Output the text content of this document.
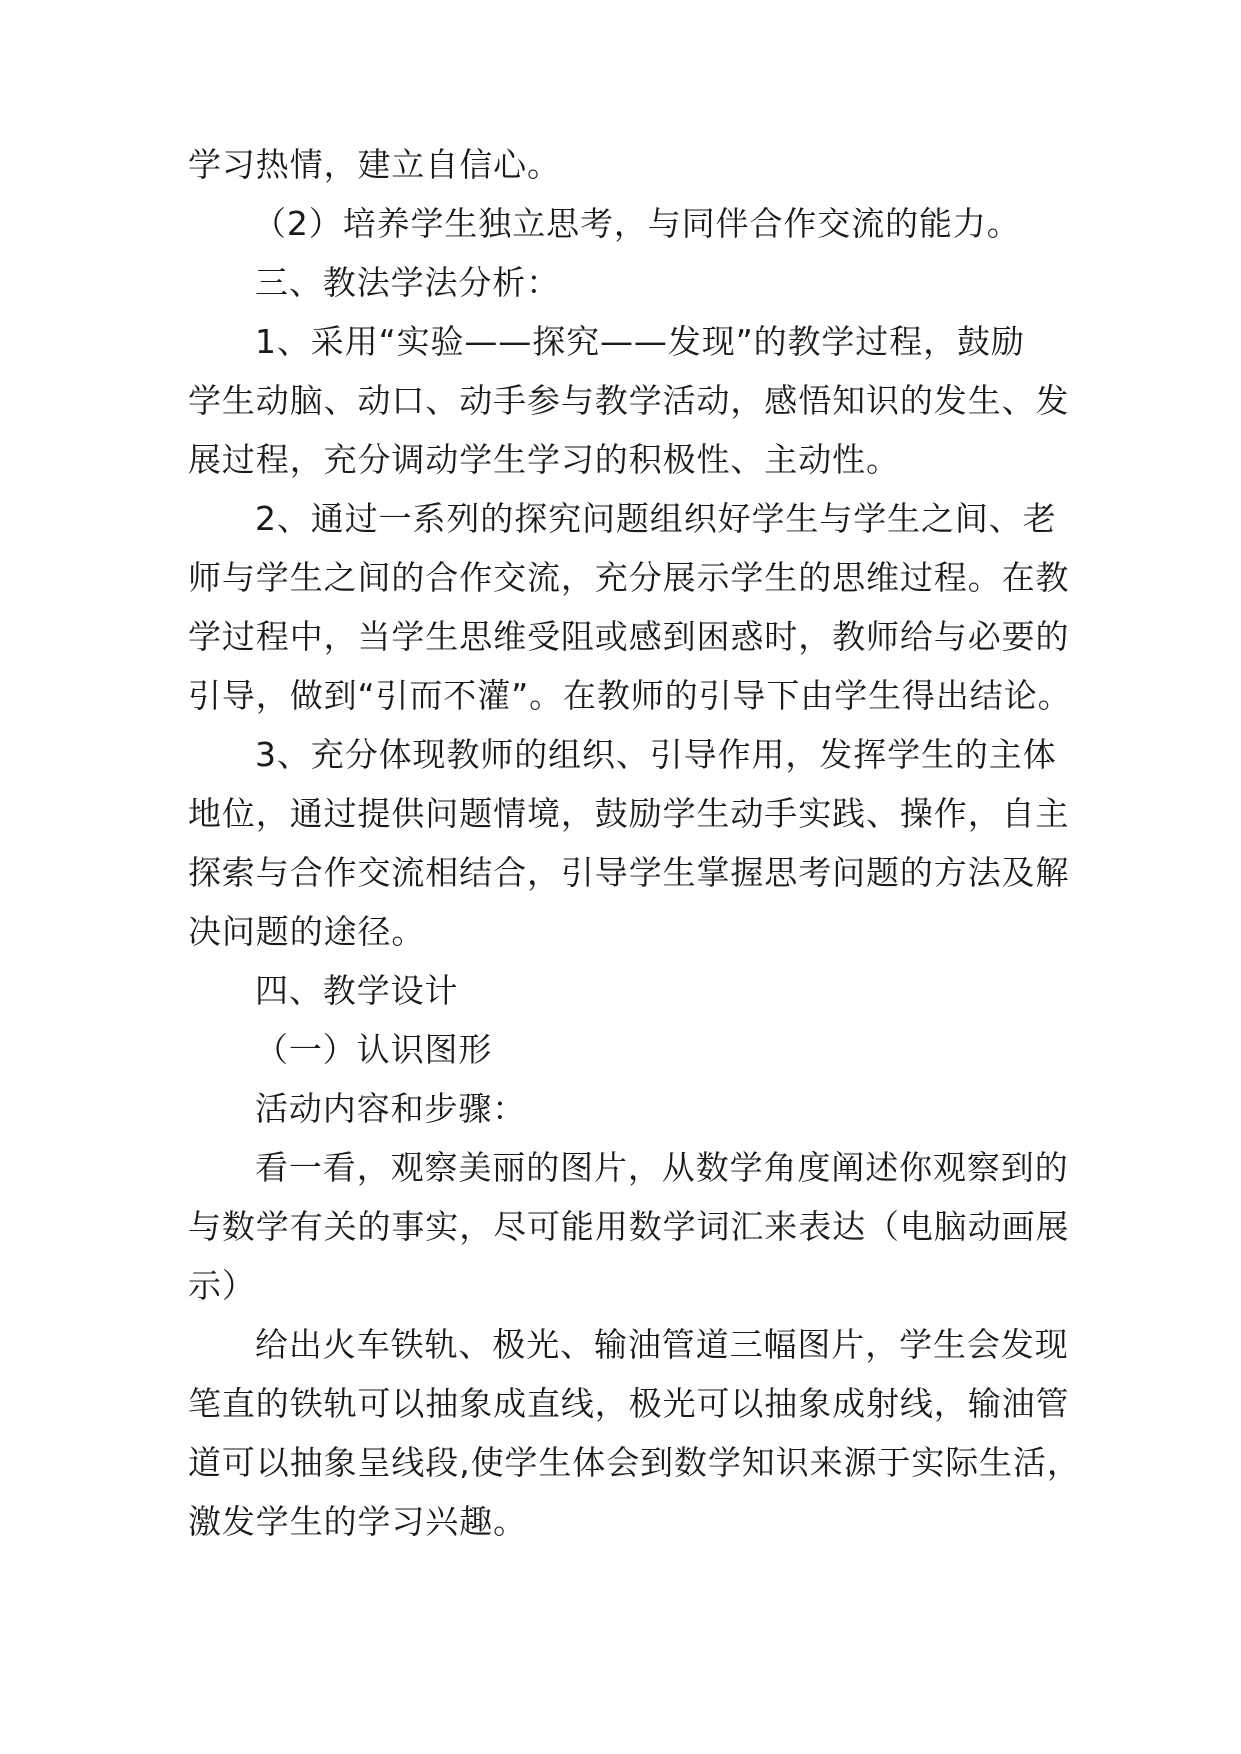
学习热情，建立自信心。
（2）培养学生独立思考，与同伴合作交流的能力。
三、教法学法分析：
1、采用“实验——探究——发现”的教学过程，鼓励
学生动脑、动口、动手参与教学活动，感悟知识的发生、发
展过程，充分调动学生学习的积极性、主动性。
2、通过一系列的探究问题组织好学生与学生之间、老
师与学生之间的合作交流，充分展示学生的思维过程。在教
学过程中，当学生思维受阻或感到困惑时，教师给与必要的
引导，做到“引而不灌”。在教师的引导下由学生得出结论。
3、充分体现教师的组织、引导作用，发挥学生的主体
地位，通过提供问题情境，鼓励学生动手实践、操作，自主
探索与合作交流相结合，引导学生掌握思考问题的方法及解
决问题的途径。
四、教学设计
（一）认识图形
活动内容和步骤：
看一看，观察美丽的图片，从数学角度阐述你观察到的
与数学有关的事实，尽可能用数学词汇来表达（电脑动画展
示）
给出火车铁轨、极光、输油管道三幅图片，学生会发现
笔直的铁轨可以抽象成直线，极光可以抽象成射线，输油管
道可以抽象呈线段,使学生体会到数学知识来源于实际生活，
激发学生的学习兴趣。
